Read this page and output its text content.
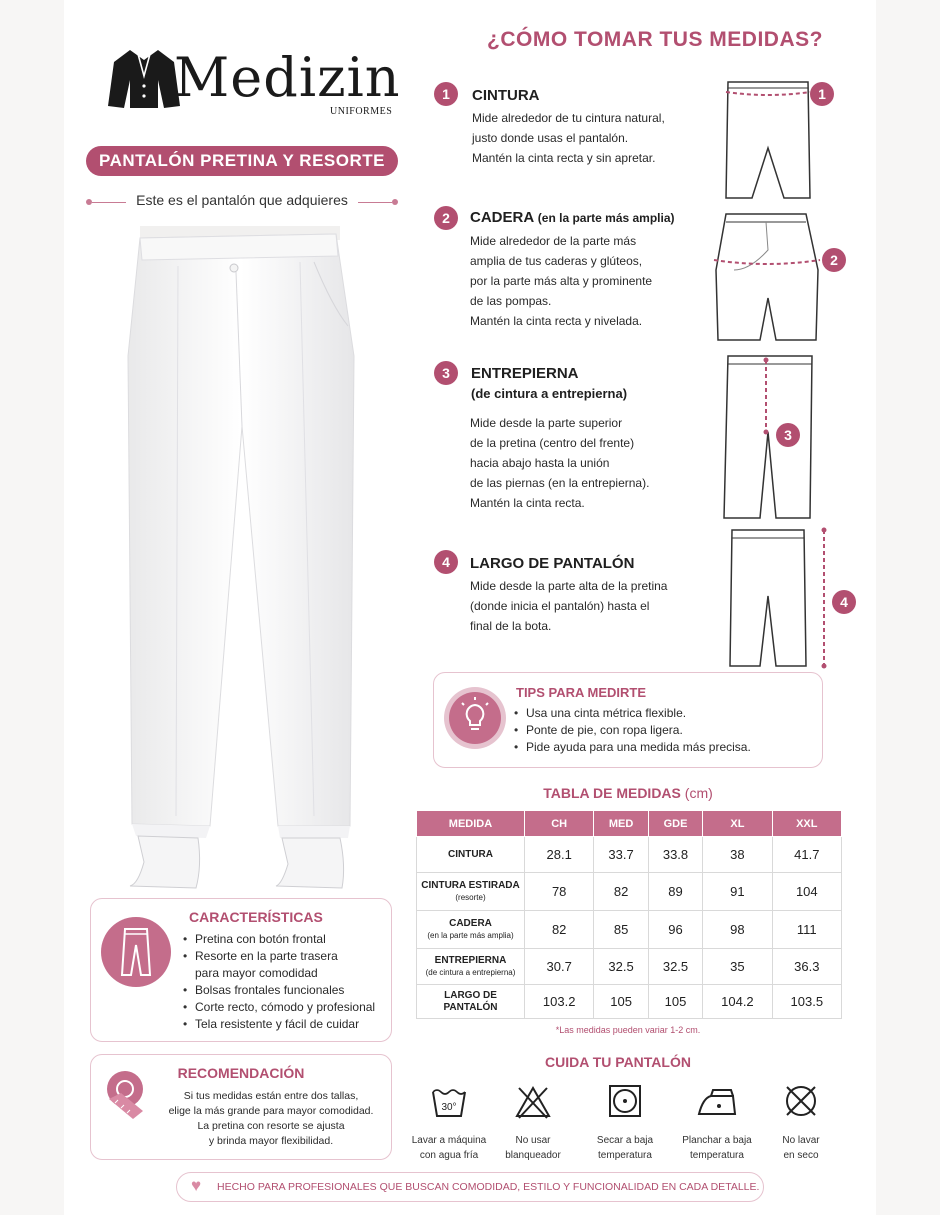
Medizin
UNIFORMES
PANTALÓN PRETINA Y RESORTE
Este es el pantalón que adquieres
CARACTERÍSTICAS
• Pretina con botón frontal
• Resorte en la parte trasera
para mayor comodidad
• Bolsas frontales funcionales
• Corte recto, cómodo y profesional
• Tela resistente y fácil de cuidar
RECOMENDACIÓN
Si tus medidas están entre dos tallas,
elige la más grande para mayor comodidad.
La pretina con resorte se ajusta
y brinda mayor flexibilidad.
¿CÓMO TOMAR TUS MEDIDAS?
1	CINTURA
Mide alrededor de tu cintura natural,
justo donde usas el pantalón.
Mantén la cinta recta y sin apretar.
2	CADERA (en la parte más amplia)
Mide alrededor de la parte más
amplia de tus caderas y glúteos,
por la parte más alta y prominente
de las pompas.
Mantén la cinta recta y nivelada.
3	ENTREPIERNA
(de cintura a entrepierna)
Mide desde la parte superior
de la pretina (centro del frente)
hacia abajo hasta la unión
de las piernas (en la entrepierna).
Mantén la cinta recta.
4	LARGO DE PANTALÓN
Mide desde la parte alta de la pretina
(donde inicia el pantalón) hasta el
final de la bota.
1
2
3
4
TIPS PARA MEDIRTE
• Usa una cinta métrica flexible.
• Ponte de pie, con ropa ligera.
• Pide ayuda para una medida más precisa.
TABLA DE MEDIDAS (cm)
MEDIDA	CH	MED	GDE	XL	XXL
CINTURA	28.1	33.7	33.8	38	41.7
CINTURA ESTIRADA
(resorte)	78	82	89	91	104
CADERA
(en la parte más amplia)	82	85	96	98	111
ENTREPIERNA
(de cintura a entrepierna)	30.7	32.5	32.5	35	36.3
LARGO DE PANTALÓN	103.2	105	105	104.2	103.5
*Las medidas pueden variar 1-2 cm.
CUIDA TU PANTALÓN
30°
Lavar a máquina
con agua fría
No usar
blanqueador
Secar a baja
temperatura
Planchar a baja
temperatura
No lavar
en seco
♥ HECHO PARA PROFESIONALES QUE BUSCAN COMODIDAD, ESTILO Y FUNCIONALIDAD EN CADA DETALLE.
